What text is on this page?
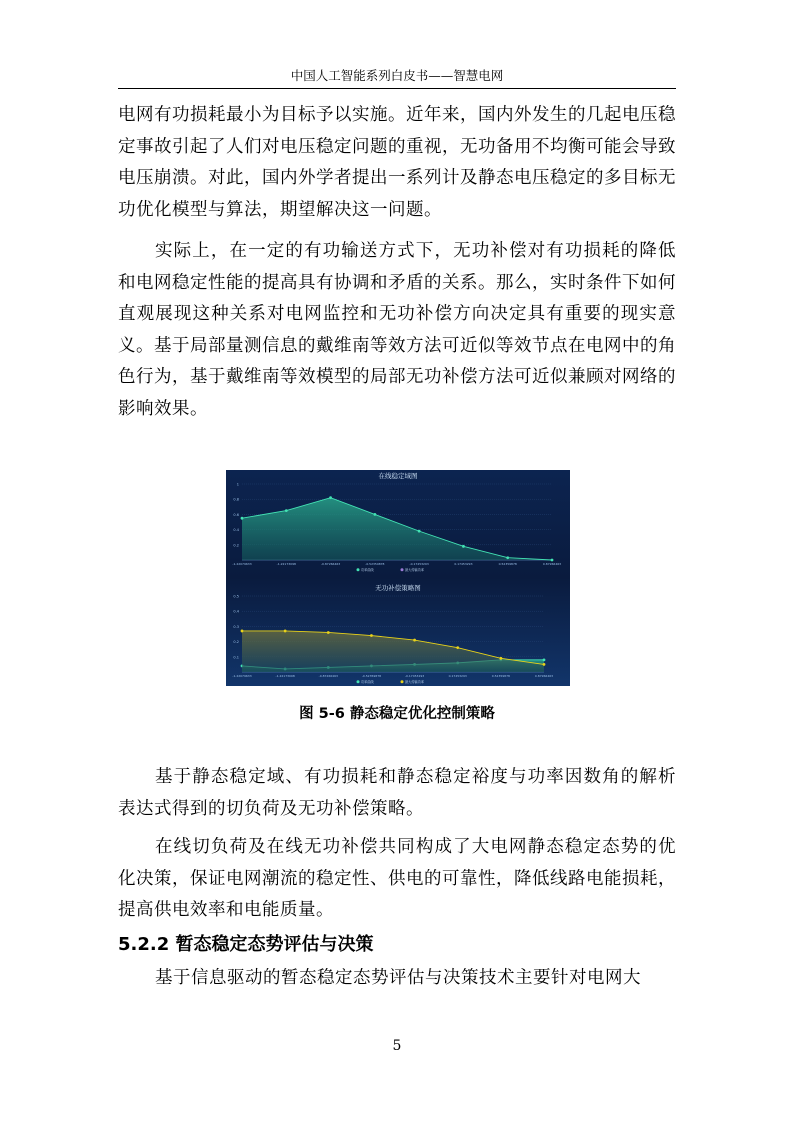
中国人工智能系列白皮书——智慧电网
电网有功损耗最小为目标予以实施。近年来，国内外发生的几起电压稳定事故引起了人们对电压稳定问题的重视，无功备用不均衡可能会导致电压崩溃。对此，国内外学者提出一系列计及静态电压稳定的多目标无功优化模型与算法，期望解决这一问题。
实际上，在一定的有功输送方式下，无功补偿对有功损耗的降低和电网稳定性能的提高具有协调和矛盾的关系。那么，实时条件下如何直观展现这种关系对电网监控和无功补偿方向决定具有重要的现实意义。基于局部量测信息的戴维南等效方法可近似等效节点在电网中的角色行为，基于戴维南等效模型的局部无功补偿方法可近似兼顾对网络的影响效果。
在线稳定域图
0.2
0.4
0.6
0.8
1
-1.22079633	-1.22173098	-0.87266463	-0.52359878	-0.17453293	0.17453293	0.52359878	0.87266463
功率曲线	最大传输功率
无功补偿策略图
0.1
0.2
0.3
0.4
0.5
-1.22079633	-1.22173098	-0.87266463	-0.52359878	-0.17453293	0.17453293	0.52359878	0.87266463
功率曲线	最大传输功率
图 5-6 静态稳定优化控制策略
基于静态稳定域、有功损耗和静态稳定裕度与功率因数角的解析表达式得到的切负荷及无功补偿策略。
在线切负荷及在线无功补偿共同构成了大电网静态稳定态势的优化决策，保证电网潮流的稳定性、供电的可靠性，降低线路电能损耗，提高供电效率和电能质量。
5.2.2 暂态稳定态势评估与决策
基于信息驱动的暂态稳定态势评估与决策技术主要针对电网大
5
